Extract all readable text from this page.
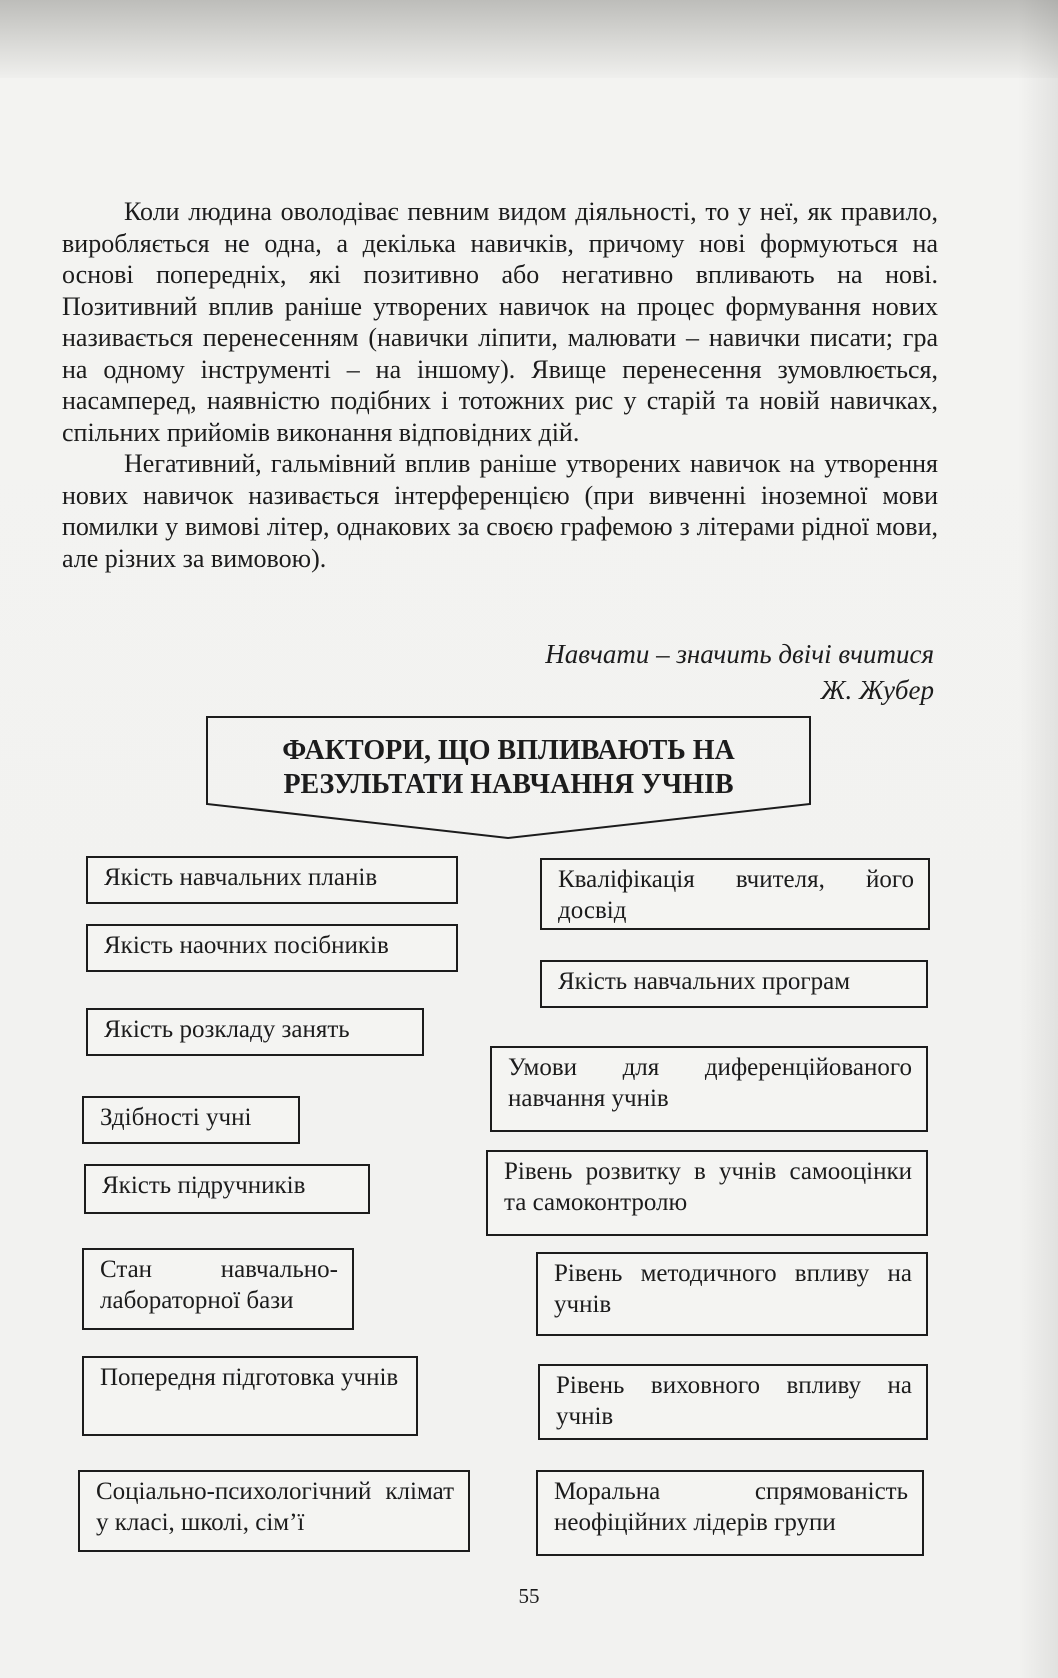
Коли людина оволодіває певним видом діяльності, то у неї, як правило, виробляється не одна, а декілька навичків, причому нові формуються на основі попередніх, які позитивно або негативно впливають на нові. Позитивний вплив раніше утворених навичок на процес формування нових називається перенесенням (навички ліпити, малювати – навички писати; гра на одному інструменті – на іншому). Явище перенесення зумовлюється, насамперед, наявністю подібних і тотожних рис у старій та новій навичках, спільних прийомів виконання відповідних дій.

Негативний, гальмівний вплив раніше утворених навичок на утворення нових навичок називається інтерференцією (при вивченні іноземної мови помилки у вимові літер, однакових за своєю графемою з літерами рідної мови, але різних за вимовою).

Навчати – значить двічі вчитися
Ж. Жубер
ФАКТОРИ, ЩО ВПЛИВАЮТЬ НА РЕЗУЛЬТАТИ НАВЧАННЯ УЧНІВ
Якість навчальних планів
Якість наочних посібників
Якість розкладу занять
Здібності учні
Якість підручників
Стан навчально-лабораторної бази
Попередня підготовка учнів
Соціально-психологічний клімат у класі, школі, сім’ї
Кваліфікація вчителя, його досвід
Якість навчальних програм
Умови для диференційованого навчання учнів
Рівень розвитку в учнів самооцінки та самоконтролю
Рівень методичного впливу на учнів
Рівень виховного впливу на учнів
Моральна спрямованість неофіційних лідерів групи
55
